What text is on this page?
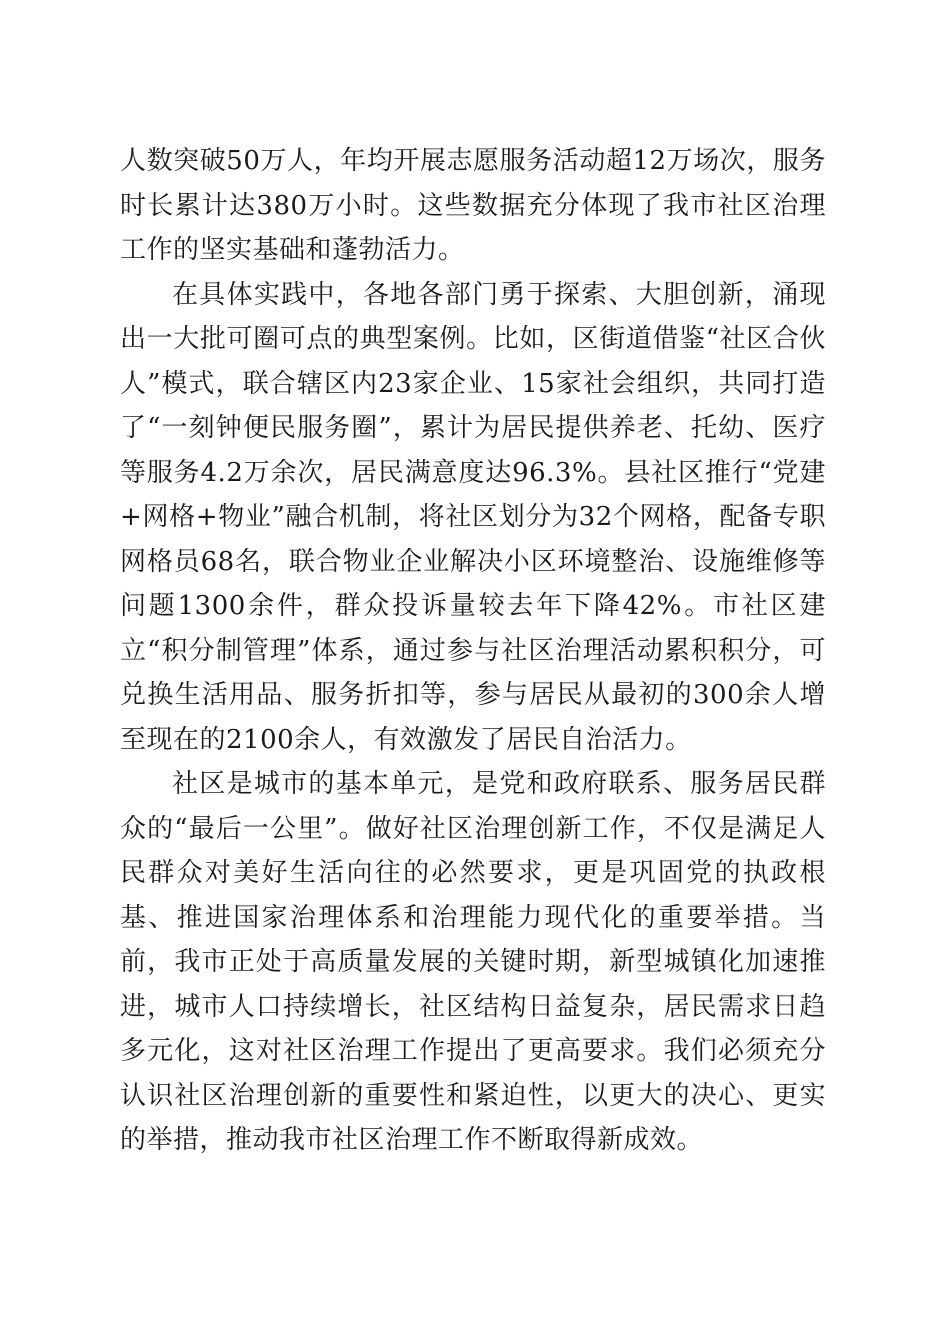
人数突破50万人，年均开展志愿服务活动超12万场次，服务时长累计达380万小时。这些数据充分体现了我市社区治理工作的坚实基础和蓬勃活力。

在具体实践中，各地各部门勇于探索、大胆创新，涌现出一大批可圈可点的典型案例。比如，区街道借鉴“社区合伙人”模式，联合辖区内23家企业、15家社会组织，共同打造了“一刻钟便民服务圈”，累计为居民提供养老、托幼、医疗等服务4.2万余次，居民满意度达96.3%。县社区推行“党建+网格+物业”融合机制，将社区划分为32个网格，配备专职网格员68名，联合物业企业解决小区环境整治、设施维修等问题1300余件，群众投诉量较去年下降42%。市社区建立“积分制管理”体系，通过参与社区治理活动累积积分，可兑换生活用品、服务折扣等，参与居民从最初的300余人增至现在的2100余人，有效激发了居民自治活力。

社区是城市的基本单元，是党和政府联系、服务居民群众的“最后一公里”。做好社区治理创新工作，不仅是满足人民群众对美好生活向往的必然要求，更是巩固党的执政根基、推进国家治理体系和治理能力现代化的重要举措。当前，我市正处于高质量发展的关键时期，新型城镇化加速推进，城市人口持续增长，社区结构日益复杂，居民需求日趋多元化，这对社区治理工作提出了更高要求。我们必须充分认识社区治理创新的重要性和紧迫性，以更大的决心、更实的举措，推动我市社区治理工作不断取得新成效。
